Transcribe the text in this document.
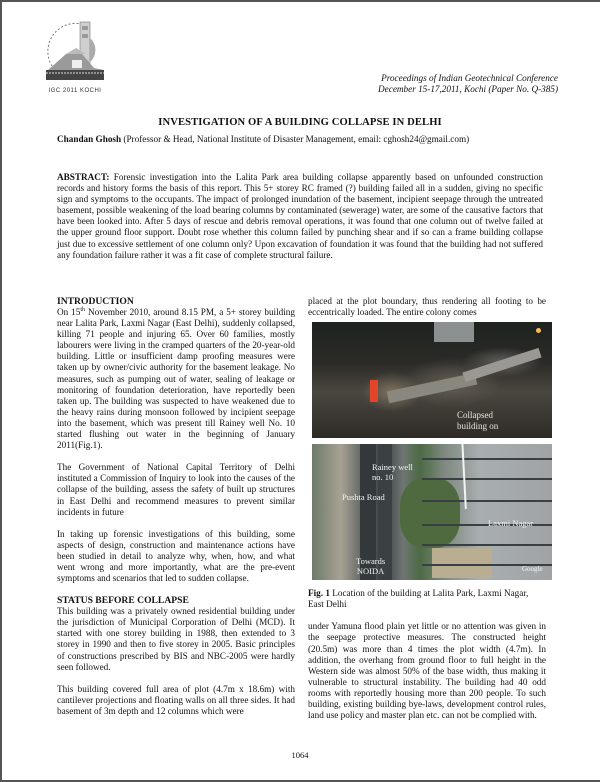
IGC 2011 KOCHI
Proceedings of Indian Geotechnical Conference
December 15-17,2011, Kochi (Paper No. Q-385)
INVESTIGATION OF A BUILDING COLLAPSE IN DELHI
Chandan Ghosh (Professor & Head, National Institute of Disaster Management, email: cghosh24@gmail.com)
ABSTRACT: Forensic investigation into the Lalita Park area building collapse apparently based on unfounded construction records and history forms the basis of this report. This 5+ storey RC framed (?) building failed all in a sudden, giving no specific sign and symptoms to the occupants. The impact of prolonged inundation of the basement, incipient seepage through the untreated basement, possible weakening of the load bearing columns by contaminated (sewerage) water, are some of the causative factors that have been looked into. After 5 days of rescue and debris removal operations, it was found that one column out of twelve failed at the upper ground floor support. Doubt rose whether this column failed by punching shear and if so can a frame building collapse just due to excessive settlement of one column only? Upon excavation of foundation it was found that the building had not suffered any foundation failure rather it was a fit case of complete structural failure.
INTRODUCTION

On 15th November 2010, around 8.15 PM, a 5+ storey building near Lalita Park, Laxmi Nagar (East Delhi), suddenly collapsed, killing 71 people and injuring 65. Over 60 families, mostly labourers were living in the cramped quarters of the 20-year-old building. Little or insufficient damp proofing measures were taken up by owner/civic authority for the basement leakage. No measures, such as pumping out of water, sealing of leakage or monitoring of foundation deterioration, have reportedly been taken up. The building was suspected to have weakened due to the heavy rains during monsoon followed by incipient seepage into the basement, which was present till Rainey well No. 10 started flushing out water in the beginning of January 2011(Fig.1).

The Government of National Capital Territory of Delhi instituted a Commission of Inquiry to look into the causes of the collapse of the building, assess the safety of built up structures in East Delhi and recommend measures to prevent similar incidents in future

In taking up forensic investigations of this building, some aspects of design, construction and maintenance actions have been studied in detail to analyze why, when, how, and what went wrong and more importantly, what are the pre-event symptoms and scenarios that led to sudden collapse.

STATUS BEFORE COLLAPSE

This building was a privately owned residential building under the jurisdiction of Municipal Corporation of Delhi (MCD). It started with one storey building in 1988, then extended to 3 storey in 1990 and then to five storey in 2005. Basic principles of constructions prescribed by BIS and NBC-2005 were hardly seen followed.

This building covered full area of plot (4.7m x 18.6m) with cantilever projections and floating walls on all three sides. It had basement of 3m depth and 12 columns which were

placed at the plot boundary, thus rendering all footing to be eccentrically loaded. The entire colony comes

Collapsed
building on
Rainey well
no. 10
Pushta Road
Laxmi Nagar
Towards
NOIDA	Google
Fig. 1 Location of the building at Lalita Park, Laxmi Nagar, East Delhi

under Yamuna flood plain yet little or no attention was given in the seepage protective measures. The constructed height (20.5m) was more than 4 times the plot width (4.7m). In addition, the overhang from ground floor to full height in the Western side was almost 50% of the base width, thus making it vulnerable to structural instability. The building had 40 odd rooms with reportedly housing more than 200 people. To such building, existing building bye-laws, development control rules, land use policy and master plan etc. can not be complied with.

1064
